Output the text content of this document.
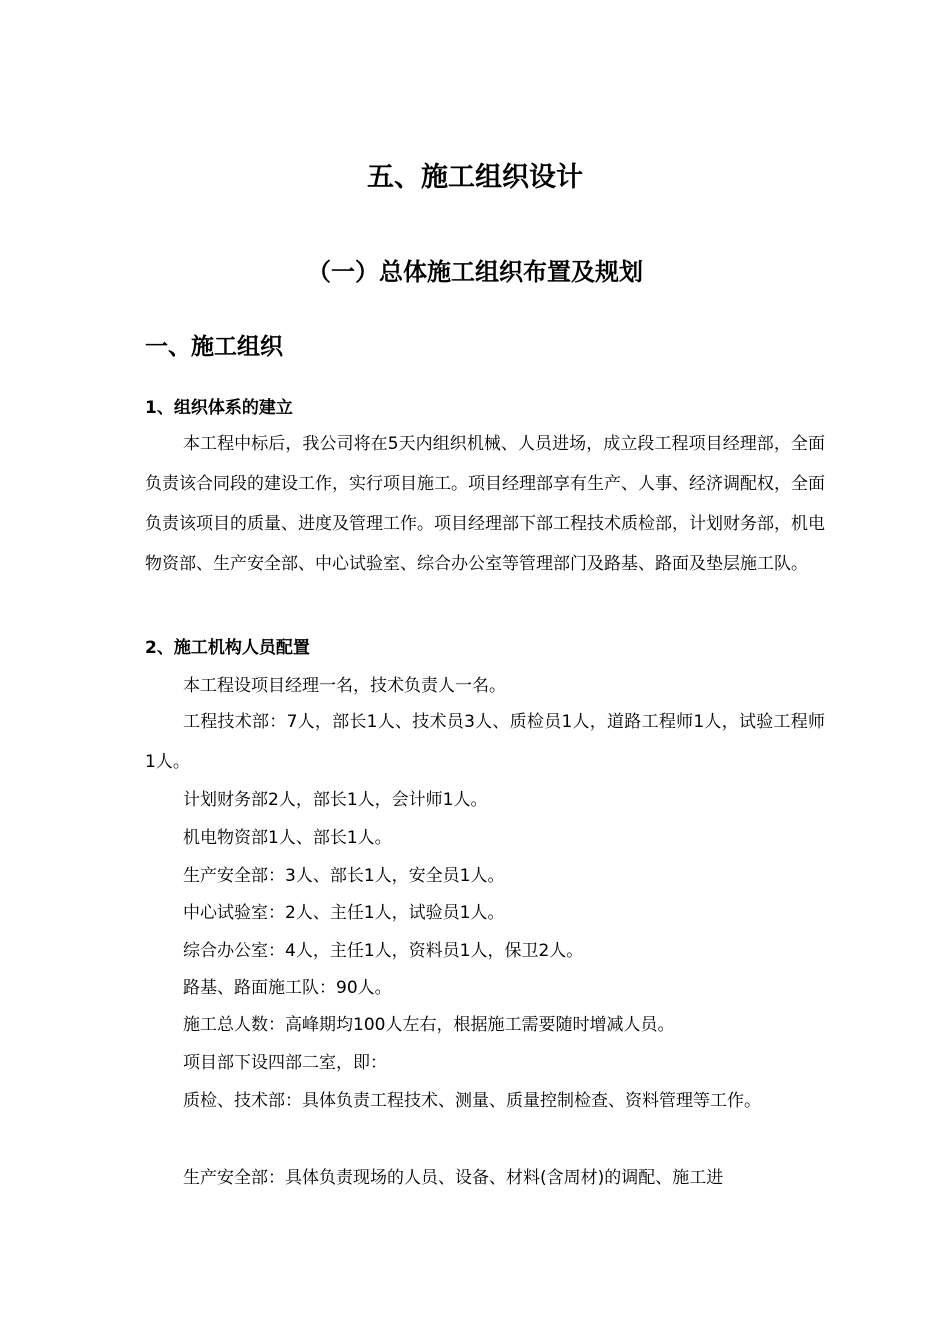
五、施工组织设计
（一）总体施工组织布置及规划
一、施工组织
1、组织体系的建立

本工程中标后，我公司将在5天内组织机械、人员进场，成立段工程项目经理部，全面负责该合同段的建设工作，实行项目施工。项目经理部享有生产、人事、经济调配权，全面负责该项目的质量、进度及管理工作。项目经理部下部工程技术质检部，计划财务部，机电物资部、生产安全部、中心试验室、综合办公室等管理部门及路基、路面及垫层施工队。

2、施工机构人员配置

本工程设项目经理一名，技术负责人一名。

工程技术部：7人，部长1人、技术员3人、质检员1人，道路工程师1人，试验工程师1人。

计划财务部2人，部长1人，会计师1人。

机电物资部1人、部长1人。

生产安全部：3人、部长1人，安全员1人。

中心试验室：2人、主任1人，试验员1人。

综合办公室：4人，主任1人，资料员1人，保卫2人。

路基、路面施工队：90人。

施工总人数：高峰期均100人左右，根据施工需要随时增减人员。

项目部下设四部二室，即：

质检、技术部：具体负责工程技术、测量、质量控制检查、资料管理等工作。

生产安全部：具体负责现场的人员、设备、材料(含周材)的调配、施工进
